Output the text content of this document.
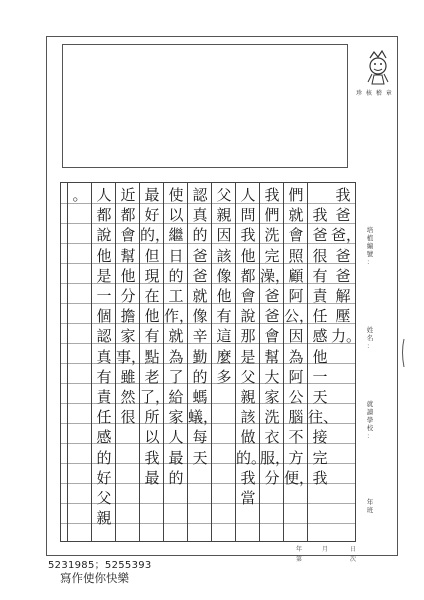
珍 核 稽 章
我爸爸，爸爸解壓力。
　我爸很有責任感他一天往、接完我
們就會照顧阿公，因為阿公腦不方便，
我們洗完澡，爸爸會幫大家洗衣服，分
人問我他都會說那是父親該做的。我當
父親因該像他有這麼多
認真的爸爸就像辛勤的螞蟻，每天
使以繼日的工作，就為了給家人最的
最好的，但現在他有點老了，所以我最
近都會幫他分擔家事，雖然很
人都說他是一個認真有責任感的好父親
。
培 植 編 號 ：
姓 名 ：
就 讀 學 校 ：
年 班
5231985；5255393
寫作使你快樂
年
第
月	日
次
